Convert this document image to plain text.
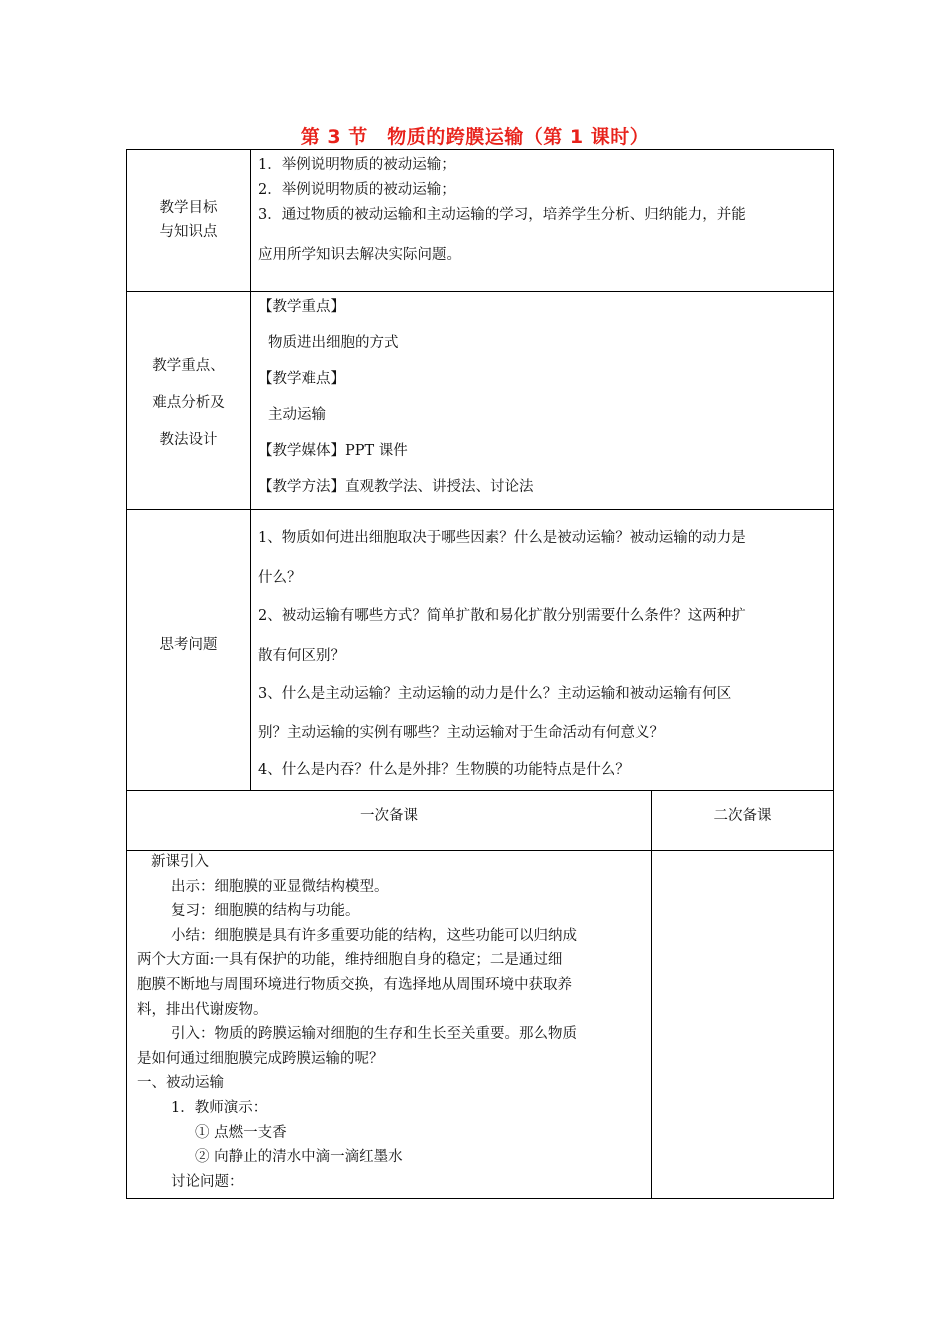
第 3 节　物质的跨膜运输（第 1 课时）
教学目标
与知识点
1．举例说明物质的被动运输；
2．举例说明物质的被动运输；
3．通过物质的被动运输和主动运输的学习，培养学生分析、归纳能力，并能
应用所学知识去解决实际问题。
教学重点、
难点分析及
教法设计
【教学重点】
物质进出细胞的方式
【教学难点】
主动运输
【教学媒体】PPT 课件
【教学方法】直观教学法、讲授法、讨论法
思考问题
1、物质如何进出细胞取决于哪些因素？什么是被动运输？被动运输的动力是
什么？
2、被动运输有哪些方式？简单扩散和易化扩散分别需要什么条件？这两种扩
散有何区别？
3、什么是主动运输？主动运输的动力是什么？主动运输和被动运输有何区
别？主动运输的实例有哪些？主动运输对于生命活动有何意义？
4、什么是内吞？什么是外排？生物膜的功能特点是什么？
一次备课	二次备课

新课引入

出示：细胞膜的亚显微结构模型。

复习：细胞膜的结构与功能。

小结：细胞膜是具有许多重要功能的结构，这些功能可以归纳成

两个大方面:一具有保护的功能，维持细胞自身的稳定；二是通过细

胞膜不断地与周围环境进行物质交换，有选择地从周围环境中获取养

料，排出代谢废物。

引入：物质的跨膜运输对细胞的生存和生长至关重要。那么物质

是如何通过细胞膜完成跨膜运输的呢？

一、被动运输

1．教师演示：

① 点燃一支香

② 向静止的清水中滴一滴红墨水

讨论问题：
